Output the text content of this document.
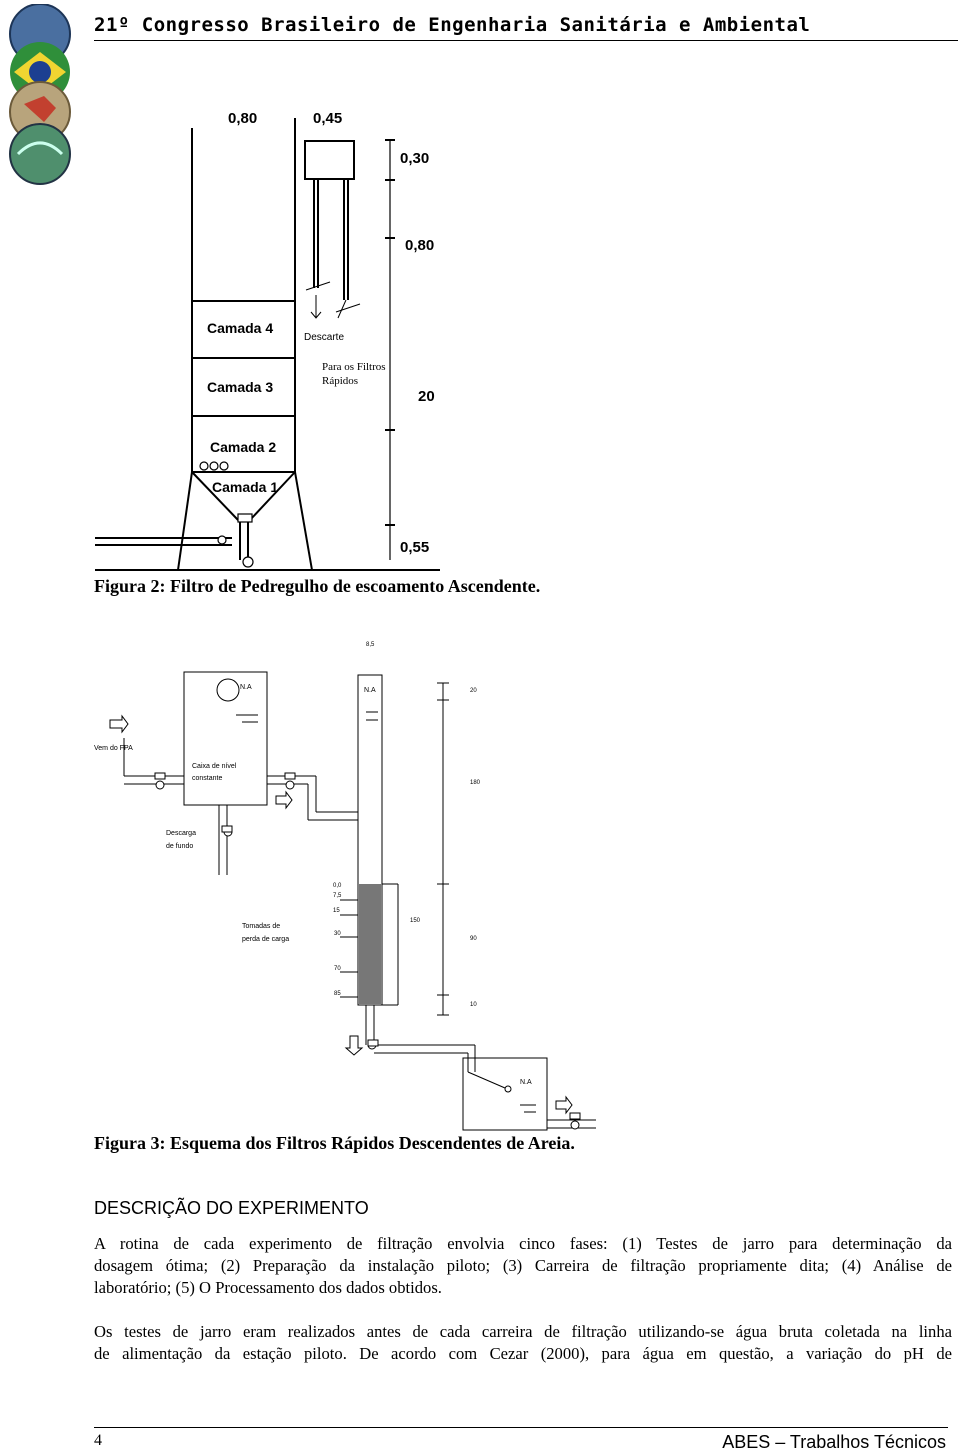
21º Congresso Brasileiro de Engenharia Sanitária e Ambiental
0,80	0,45
0,30
0,80
20
0,55
Camada 4
Camada 3
Camada 2
Camada 1
Descarte
Para os Filtros
Rápidos
Figura 2: Filtro de Pedregulho de escoamento Ascendente.
8,5
N.A	N.A
N.A
20
180
90
10
150
Vem do FPA
Caixa de nível
constante
Descarga
de fundo
Tomadas de
perda de carga
0,0
7,5
15
30
70
85
Figura 3: Esquema dos Filtros Rápidos Descendentes de Areia.
DESCRIÇÃO DO EXPERIMENTO
A rotina de cada experimento de filtração envolvia cinco fases: (1) Testes de jarro para determinação da
dosagem ótima; (2) Preparação da instalação piloto; (3) Carreira de filtração propriamente dita; (4) Análise de
laboratório; (5) O Processamento dos dados obtidos.
Os testes de jarro eram realizados antes de cada carreira de filtração utilizando-se água bruta coletada na linha
de alimentação da estação piloto. De acordo com Cezar (2000), para água em questão, a variação do pH de
4	ABES – Trabalhos Técnicos
